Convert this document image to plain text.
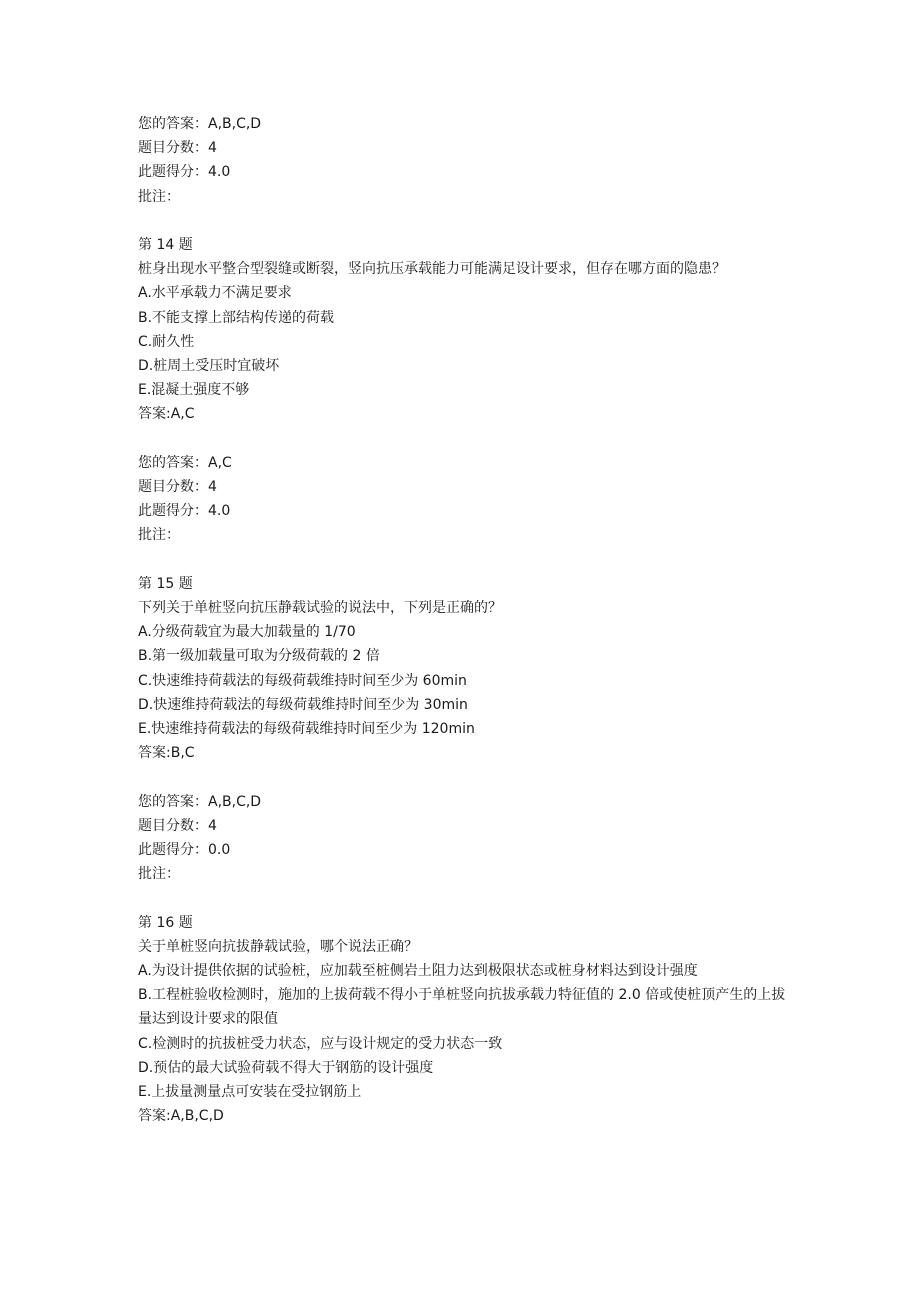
您的答案：A,B,C,D
题目分数：4
此题得分：4.0
批注：
第 14 题
桩身出现水平整合型裂缝或断裂，竖向抗压承载能力可能满足设计要求，但存在哪方面的隐患？
A.水平承载力不满足要求
B.不能支撑上部结构传递的荷载
C.耐久性
D.桩周土受压时宜破坏
E.混凝土强度不够
答案:A,C
您的答案：A,C
题目分数：4
此题得分：4.0
批注：
第 15 题
下列关于单桩竖向抗压静载试验的说法中，下列是正确的？
A.分级荷载宜为最大加载量的 1/70
B.第一级加载量可取为分级荷载的 2 倍
C.快速维持荷载法的每级荷载维持时间至少为 60min
D.快速维持荷载法的每级荷载维持时间至少为 30min
E.快速维持荷载法的每级荷载维持时间至少为 120min
答案:B,C
您的答案：A,B,C,D
题目分数：4
此题得分：0.0
批注：
第 16 题
关于单桩竖向抗拔静载试验，哪个说法正确？
A.为设计提供依据的试验桩，应加载至桩侧岩土阻力达到极限状态或桩身材料达到设计强度
B.工程桩验收检测时，施加的上拔荷载不得小于单桩竖向抗拔承载力特征值的 2.0 倍或使桩顶产生的上拔量达到设计要求的限值
C.检测时的抗拔桩受力状态，应与设计规定的受力状态一致
D.预估的最大试验荷载不得大于钢筋的设计强度
E.上拔量测量点可安装在受拉钢筋上
答案:A,B,C,D
